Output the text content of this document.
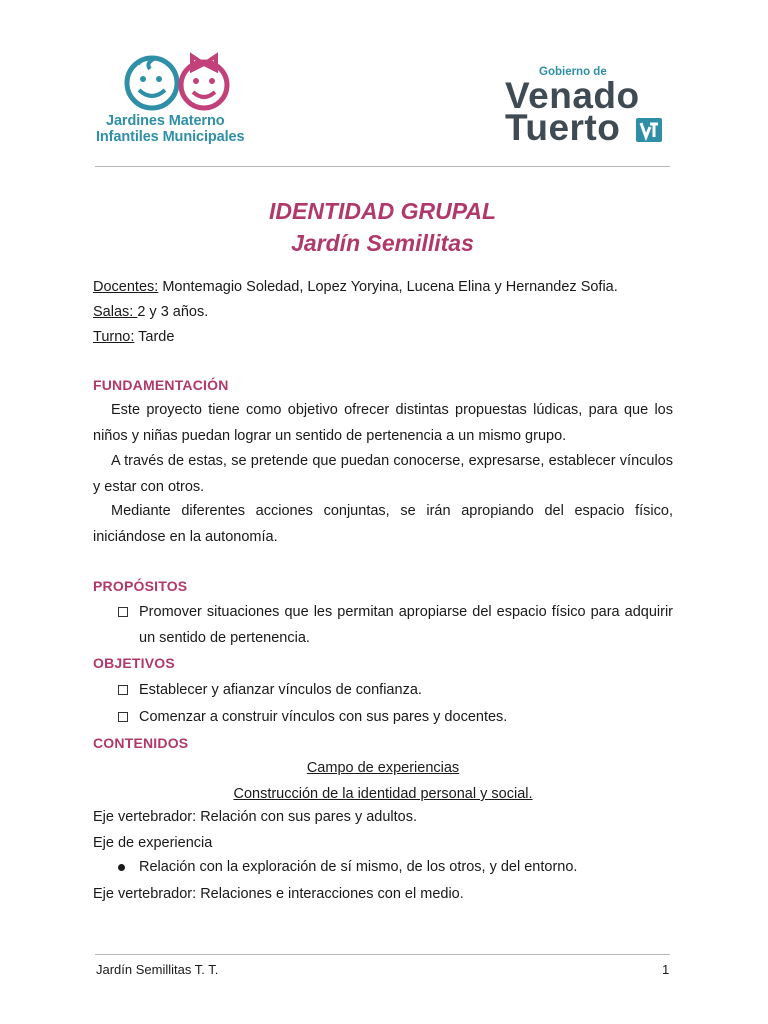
Jardines Materno
Infantiles Municipales
Gobierno de
Venado
Tuerto
IDENTIDAD GRUPAL
Jardín Semillitas
Docentes: Montemagio Soledad, Lopez Yoryina, Lucena Elina y Hernandez Sofia.
Salas: 2 y 3 años.
Turno: Tarde
FUNDAMENTACIÓN
Este proyecto tiene como objetivo ofrecer distintas propuestas lúdicas, para que los niños y niñas puedan lograr un sentido de pertenencia a un mismo grupo.
A través de estas, se pretende que puedan conocerse, expresarse, establecer vínculos y estar con otros.
Mediante diferentes acciones conjuntas, se irán apropiando del espacio físico, iniciándose en la autonomía.
PROPÓSITOS
Promover situaciones que les permitan apropiarse del espacio físico para adquirir un sentido de pertenencia.
OBJETIVOS
Establecer y afianzar vínculos de confianza.
Comenzar a construir vínculos con sus pares y docentes.
CONTENIDOS
Campo de experiencias
Construcción de la identidad personal y social.
Eje vertebrador: Relación con sus pares y adultos.
Eje de experiencia
Relación con la exploración de sí mismo, de los otros, y del entorno.
Eje vertebrador: Relaciones e interacciones con el medio.
Jardín Semillitas T. T.	1
